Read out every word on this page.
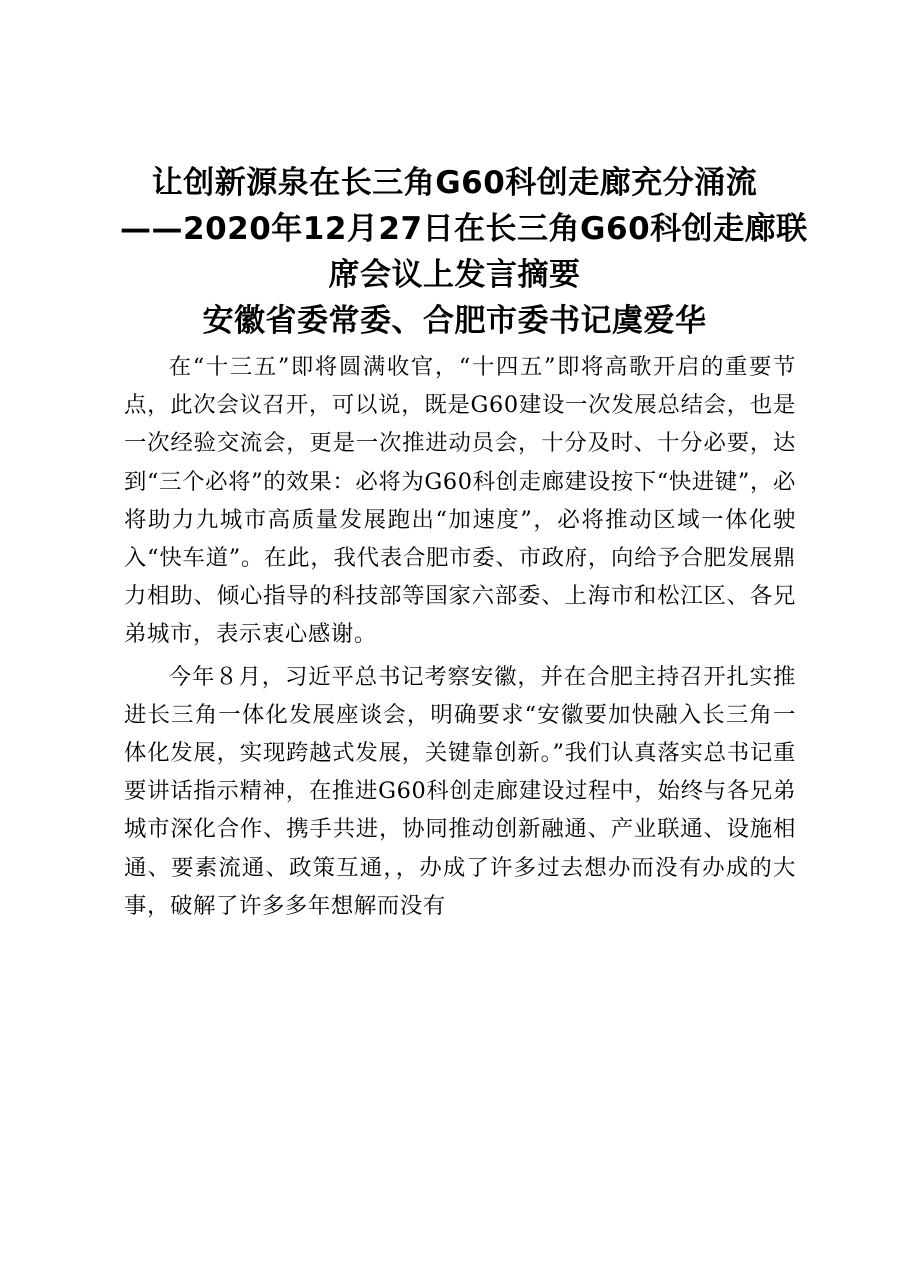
让创新源泉在长三角G60科创走廊充分涌流
——2020年12月27日在长三角G60科创走廊联
席会议上发言摘要
安徽省委常委、合肥市委书记虞爱华

在“十三五”即将圆满收官，“十四五”即将高歌开启的重要节点，此次会议召开，可以说，既是G60建设一次发展总结会，也是一次经验交流会，更是一次推进动员会，十分及时、十分必要，达到“三个必将”的效果：必将为G60科创走廊建设按下“快进键”，必将助力九城市高质量发展跑出“加速度”，必将推动区域一体化驶入“快车道”。在此，我代表合肥市委、市政府，向给予合肥发展鼎力相助、倾心指导的科技部等国家六部委、上海市和松江区、各兄弟城市，表示衷心感谢。

今年８月，习近平总书记考察安徽，并在合肥主持召开扎实推进长三角一体化发展座谈会，明确要求“安徽要加快融入长三角一体化发展，实现跨越式发展，关键靠创新。”我们认真落实总书记重要讲话指示精神，在推进G60科创走廊建设过程中，始终与各兄弟城市深化合作、携手共进，协同推动创新融通、产业联通、设施相通、要素流通、政策互通，，办成了许多过去想办而没有办成的大事，破解了许多多年想解而没有
